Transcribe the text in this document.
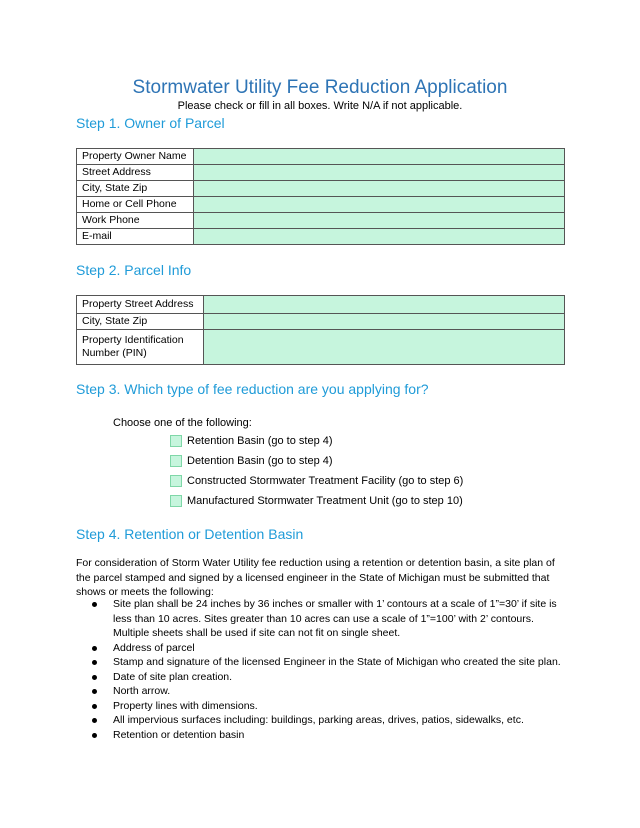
Stormwater Utility Fee Reduction Application
Please check or fill in all boxes. Write N/A if not applicable.
Step 1. Owner of Parcel
Property Owner Name	
Street Address	
City, State Zip	
Home or Cell Phone	
Work Phone	
E-mail	
Step 2. Parcel Info
Property Street Address	
City, State Zip	
Property Identification Number (PIN)	
Step 3. Which type of fee reduction are you applying for?
Choose one of the following:
Retention Basin (go to step 4)
Detention Basin (go to step 4)
Constructed Stormwater Treatment Facility (go to step 6)
Manufactured Stormwater Treatment Unit (go to step 10)
Step 4. Retention or Detention Basin
For consideration of Storm Water Utility fee reduction using a retention or detention basin, a site plan of the parcel stamped and signed by a licensed engineer in the State of Michigan must be submitted that shows or meets the following:
Site plan shall be 24 inches by 36 inches or smaller with 1’ contours at a scale of 1”=30’ if site is less than 10 acres. Sites greater than 10 acres can use a scale of 1”=100’ with 2’ contours. Multiple sheets shall be used if site can not fit on single sheet.
Address of parcel
Stamp and signature of the licensed Engineer in the State of Michigan who created the site plan.
Date of site plan creation.
North arrow.
Property lines with dimensions.
All impervious surfaces including: buildings, parking areas, drives, patios, sidewalks, etc.
Retention or detention basin
